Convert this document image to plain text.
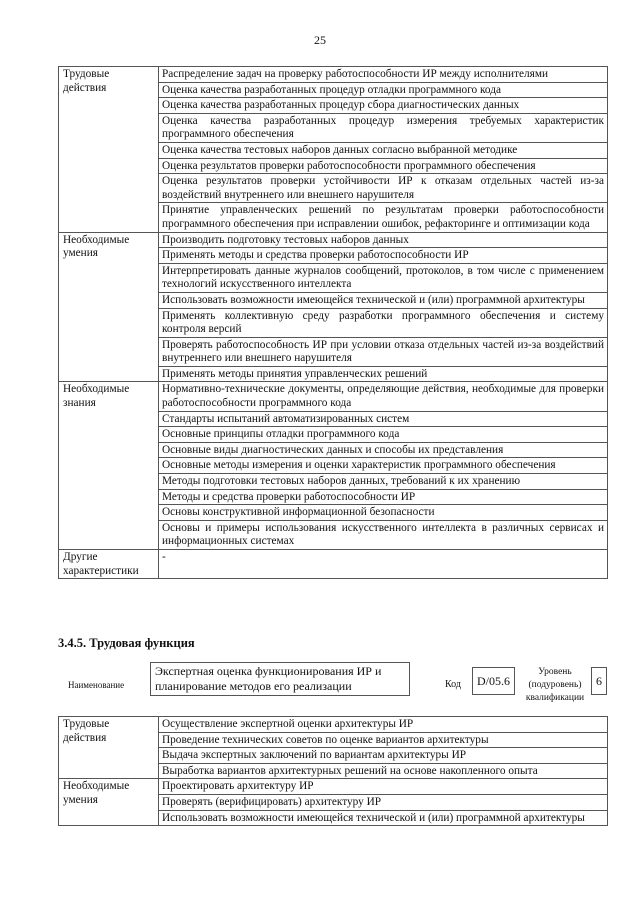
25
Трудовые действия	Распределение задач на проверку работоспособности ИР между исполнителями
	Оценка качества разработанных процедур отладки программного кода
	Оценка качества разработанных процедур сбора диагностических данных
	Оценка качества разработанных процедур измерения требуемых характеристик программного обеспечения
	Оценка качества тестовых наборов данных согласно выбранной методике
	Оценка результатов проверки работоспособности программного обеспечения
	Оценка результатов проверки устойчивости ИР к отказам отдельных частей из-за воздействий внутреннего или внешнего нарушителя
	Принятие управленческих решений по результатам проверки работоспособности программного обеспечения при исправлении ошибок, рефакторинге и оптимизации кода
Необходимые умения	Производить подготовку тестовых наборов данных
	Применять методы и средства проверки работоспособности ИР
	Интерпретировать данные журналов сообщений, протоколов, в том числе с применением технологий искусственного интеллекта
	Использовать возможности имеющейся технической и (или) программной архитектуры
	Применять коллективную среду разработки программного обеспечения и систему контроля версий
	Проверять работоспособность ИР при условии отказа отдельных частей из-за воздействий внутреннего или внешнего нарушителя
	Применять методы принятия управленческих решений
Необходимые знания	Нормативно-технические документы, определяющие действия, необходимые для проверки работоспособности программного кода
	Стандарты испытаний автоматизированных систем
	Основные принципы отладки программного кода
	Основные виды диагностических данных и способы их представления
	Основные методы измерения и оценки характеристик программного обеспечения
	Методы подготовки тестовых наборов данных, требований к их хранению
	Методы и средства проверки работоспособности ИР
	Основы конструктивной информационной безопасности
	Основы и примеры использования искусственного интеллекта в различных сервисах и информационных системах
Другие характеристики	-
3.4.5. Трудовая функция
Наименование
Экспертная оценка функционирования ИР и планирование методов его реализации	Код	D/05.6
Уровень (подуровень) квалификации
6
Трудовые действия	Осуществление экспертной оценки архитектуры ИР
	Проведение технических советов по оценке вариантов архитектуры
	Выдача экспертных заключений по вариантам архитектуры ИР
	Выработка вариантов архитектурных решений на основе накопленного опыта
Необходимые умения	Проектировать архитектуру ИР
	Проверять (верифицировать) архитектуру ИР
	Использовать возможности имеющейся технической и (или) программной архитектуры
